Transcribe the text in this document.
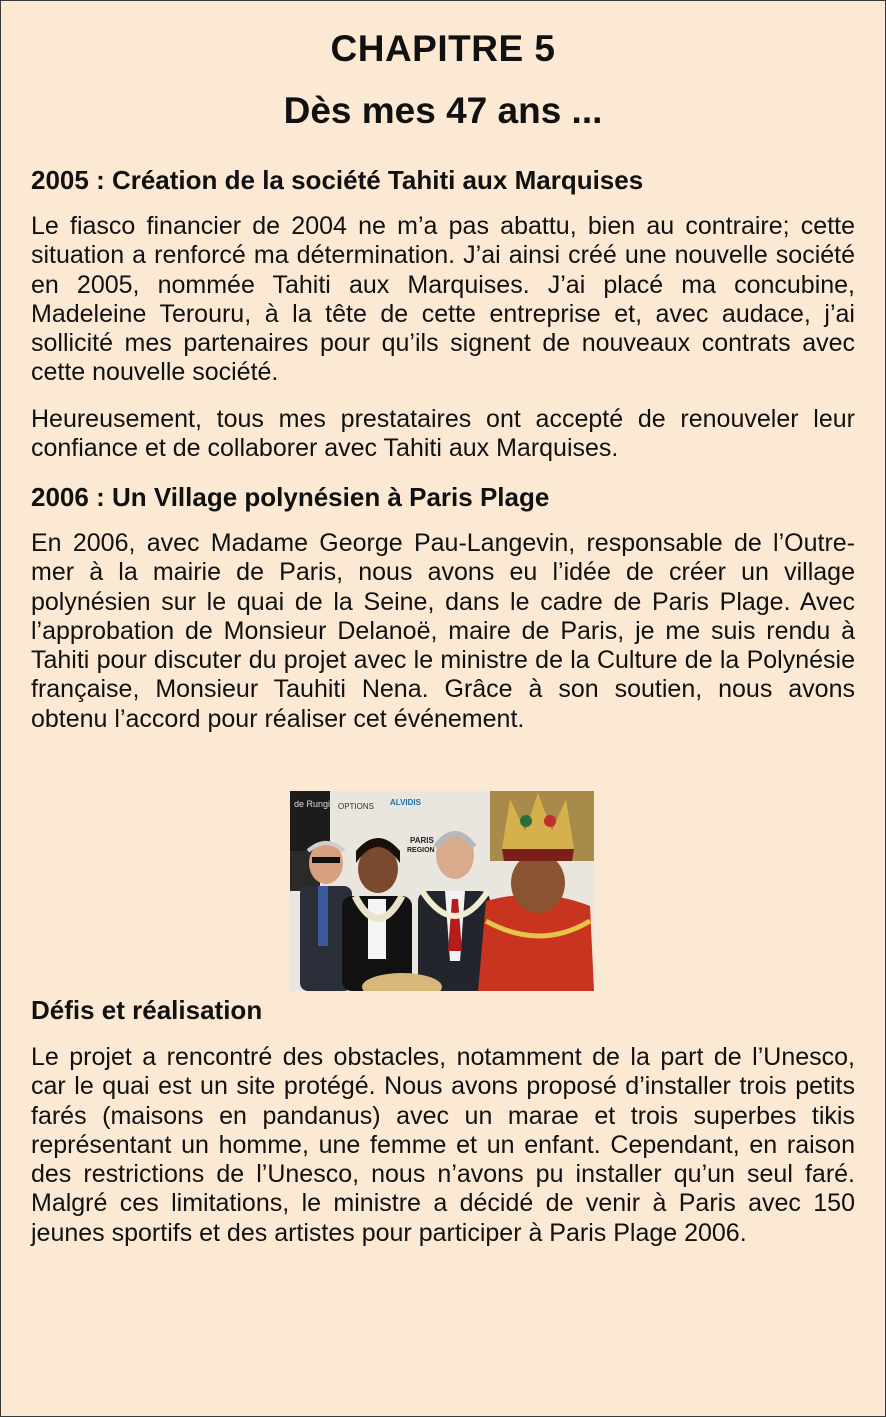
CHAPITRE 5
Dès mes 47 ans ...
2005 : Création de la société Tahiti aux Marquises

Le fiasco financier de 2004 ne m’a pas abattu, bien au contraire; cette situation a renforcé ma détermination. J’ai ainsi créé une nouvelle société en 2005, nommée Tahiti aux Marquises. J’ai placé ma concubine, Madeleine Terouru, à la tête de cette entreprise et, avec audace, j’ai sollicité mes partenaires pour qu’ils signent de nouveaux contrats avec cette nouvelle société.

Heureusement, tous mes prestataires ont accepté de renouveler leur confiance et de collaborer avec Tahiti aux Marquises.

2006 : Un Village polynésien à Paris Plage

En 2006, avec Madame George Pau-Langevin, responsable de l’Outre-mer à la mairie de Paris, nous avons eu l’idée de créer un village polynésien sur le quai de la Seine, dans le cadre de Paris Plage. Avec l’approbation de Monsieur Delanoë, maire de Paris, je me suis rendu à Tahiti pour discuter du projet avec le ministre de la Culture de la Polynésie française, Monsieur Tauhiti Nena. Grâce à son soutien, nous avons obtenu l’accord pour réaliser cet événement.

de Rungis OPTIONS ALVIDIS
PARIS
REGION
Défis et réalisation

Le projet a rencontré des obstacles, notamment de la part de l’Unesco, car le quai est un site protégé. Nous avons proposé d’installer trois petits farés (maisons en pandanus) avec un marae et trois superbes tikis représentant un homme, une femme et un enfant. Cependant, en raison des restrictions de l’Unesco, nous n’avons pu installer qu’un seul faré. Malgré ces limitations, le ministre a décidé de venir à Paris avec 150 jeunes sportifs et des artistes pour participer à Paris Plage 2006.
